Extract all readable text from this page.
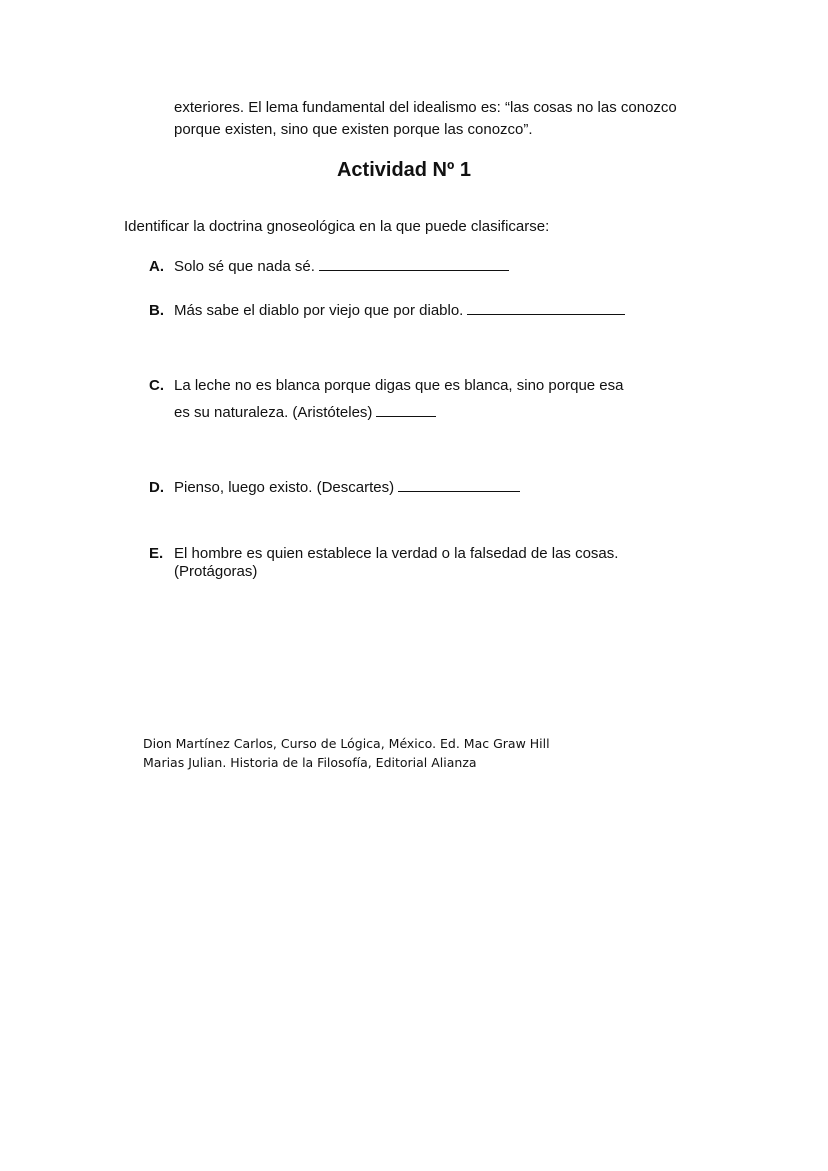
exteriores. El lema fundamental del idealismo es: “las cosas no las conozco
porque existen, sino que existen porque las conozco”.
Actividad Nº 1
Identificar la doctrina gnoseológica en la que puede clasificarse:
A. Solo sé que nada sé.
B. Más sabe el diablo por viejo que por diablo.
C. La leche no es blanca porque digas que es blanca, sino porque esa
es su naturaleza. (Aristóteles)
D. Pienso, luego existo. (Descartes)
E. El hombre es quien establece la verdad o la falsedad de las cosas.
(Protágoras)
Dion Martínez Carlos, Curso de Lógica, México. Ed. Mac Graw Hill
Marias Julian. Historia de la Filosofía, Editorial Alianza
